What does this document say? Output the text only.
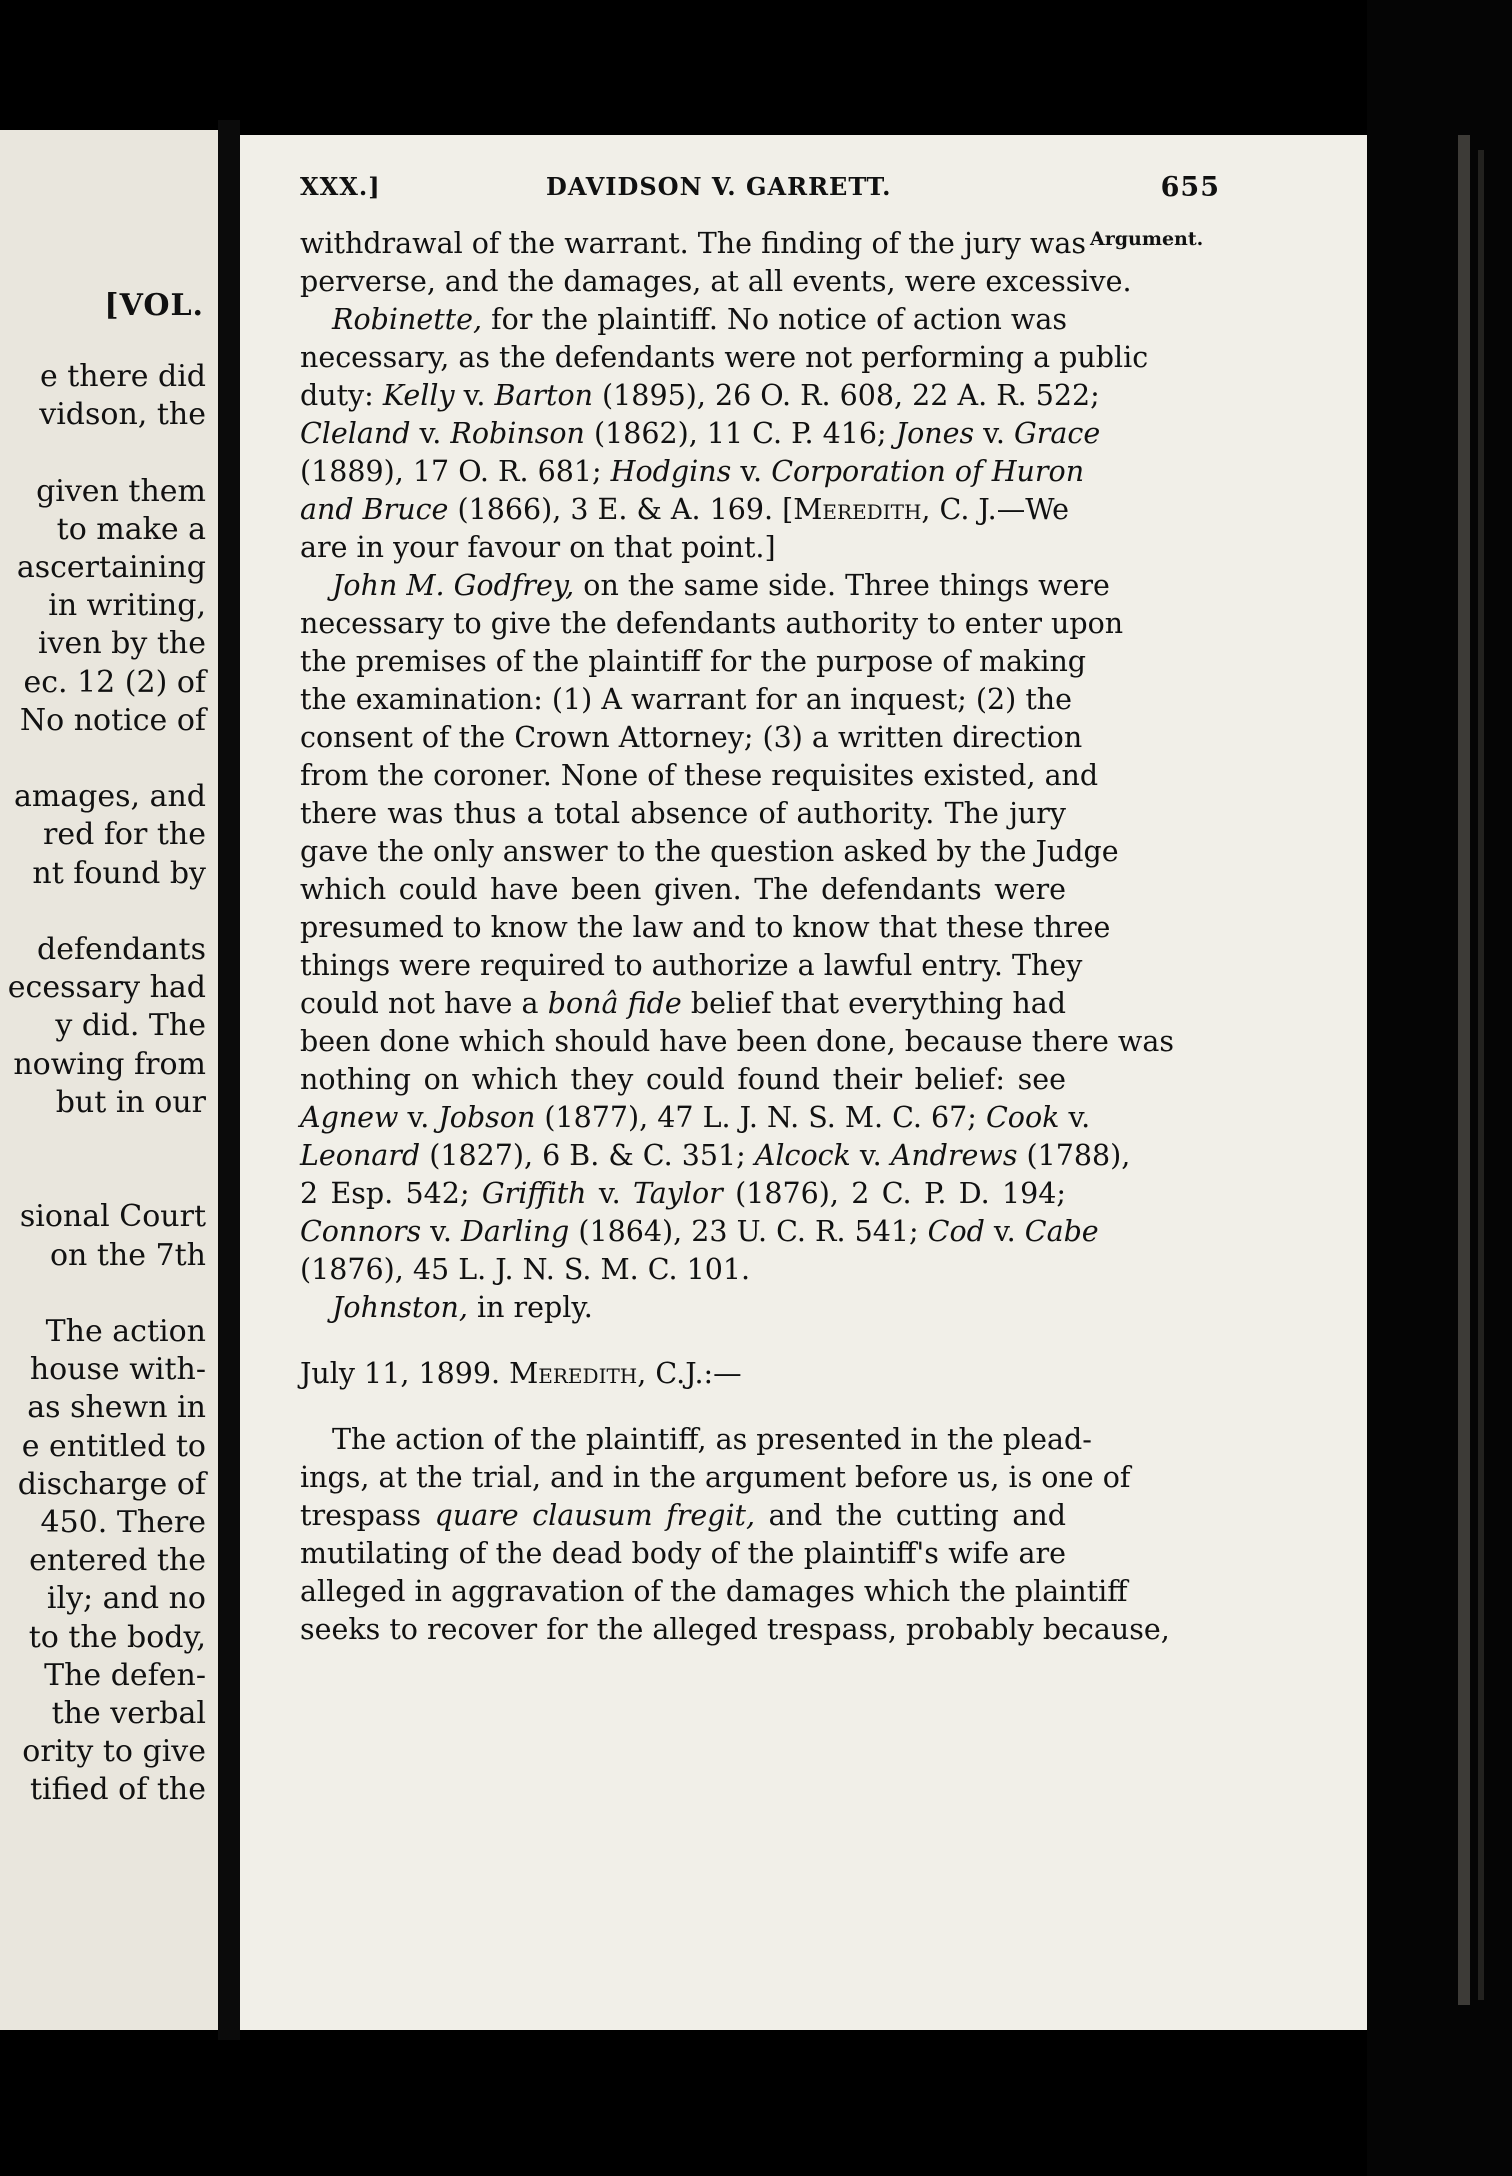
[VOL.
e there did
vidson, the
given them
to make a
ascertaining
in writing,
iven by the
ec. 12 (2) of
No notice of
amages, and
red for the
nt found by
defendants
ecessary had
y did. The
nowing from
but in our
sional Court
on the 7th
The action
house with-
as shewn in
e entitled to
discharge of
450. There
entered the
ily; and no
to the body,
The defen-
the verbal
ority to give
tified of the
XXX.]	DAVIDSON V. GARRETT.	655
Argument.
withdrawal of the warrant. The finding of the jury was
perverse, and the damages, at all events, were excessive.
Robinette, for the plaintiff. No notice of action was
necessary, as the defendants were not performing a public
duty: Kelly v. Barton (1895), 26 O. R. 608, 22 A. R. 522;
Cleland v. Robinson (1862), 11 C. P. 416; Jones v. Grace
(1889), 17 O. R. 681; Hodgins v. Corporation of Huron
and Bruce (1866), 3 E. & A. 169. [Meredith, C. J.—We
are in your favour on that point.]
John M. Godfrey, on the same side. Three things were
necessary to give the defendants authority to enter upon
the premises of the plaintiff for the purpose of making
the examination: (1) A warrant for an inquest; (2) the
consent of the Crown Attorney; (3) a written direction
from the coroner. None of these requisites existed, and
there was thus a total absence of authority. The jury
gave the only answer to the question asked by the Judge
which could have been given. The defendants were
presumed to know the law and to know that these three
things were required to authorize a lawful entry. They
could not have a bonâ fide belief that everything had
been done which should have been done, because there was
nothing on which they could found their belief: see
Agnew v. Jobson (1877), 47 L. J. N. S. M. C. 67; Cook v.
Leonard (1827), 6 B. & C. 351; Alcock v. Andrews (1788),
2 Esp. 542; Griffith v. Taylor (1876), 2 C. P. D. 194;
Connors v. Darling (1864), 23 U. C. R. 541; Cod v. Cabe
(1876), 45 L. J. N. S. M. C. 101.
Johnston, in reply.
July 11, 1899. Meredith, C.J.:—
The action of the plaintiff, as presented in the plead-
ings, at the trial, and in the argument before us, is one of
trespass quare clausum fregit, and the cutting and
mutilating of the dead body of the plaintiff's wife are
alleged in aggravation of the damages which the plaintiff
seeks to recover for the alleged trespass, probably because,
